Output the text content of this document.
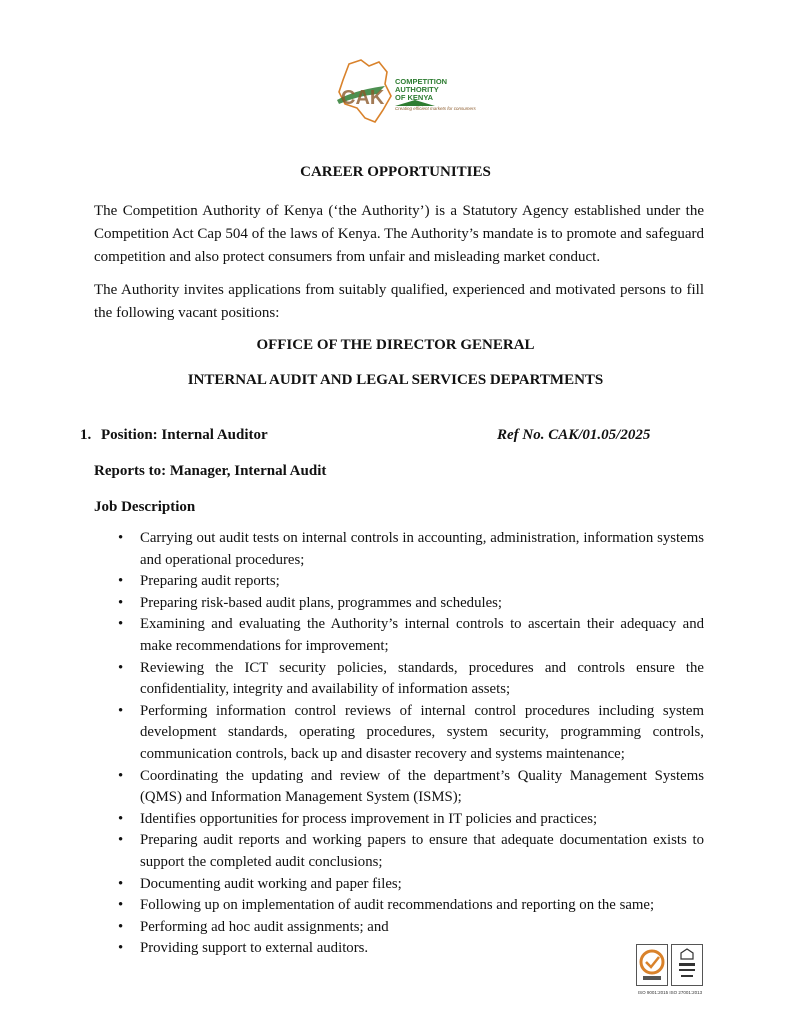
CAK
COMPETITION
AUTHORITY
OF KENYA
Creating efficient markets for consumers
CAREER OPPORTUNITIES

The Competition Authority of Kenya (‘the Authority’) is a Statutory Agency established under the Competition Act Cap 504 of the laws of Kenya. The Authority’s mandate is to promote and safeguard competition and also protect consumers from unfair and misleading market conduct.

The Authority invites applications from suitably qualified, experienced and motivated persons to fill the following vacant positions:

OFFICE OF THE DIRECTOR GENERAL
INTERNAL AUDIT AND LEGAL SERVICES DEPARTMENTS
1. Position: Internal Auditor	Ref No. CAK/01.05/2025
Reports to: Manager, Internal Audit
Job Description
• Carrying out audit tests on internal controls in accounting, administration, information systems and operational procedures;
• Preparing audit reports;
• Preparing risk-based audit plans, programmes and schedules;
• Examining and evaluating the Authority’s internal controls to ascertain their adequacy and make recommendations for improvement;
• Reviewing the ICT security policies, standards, procedures and controls ensure the confidentiality, integrity and availability of information assets;
• Performing information control reviews of internal control procedures including system development standards, operating procedures, system security, programming controls, communication controls, back up and disaster recovery and systems maintenance;
• Coordinating the updating and review of the department’s Quality Management Systems (QMS) and Information Management System (ISMS);
• Identifies opportunities for process improvement in IT policies and practices;
• Preparing audit reports and working papers to ensure that adequate documentation exists to support the completed audit conclusions;
• Documenting audit working and paper files;
• Following up on implementation of audit recommendations and reporting on the same;
• Performing ad hoc audit assignments; and
• Providing support to external auditors.
ISO 9001:2015 ISO 27001:2013
